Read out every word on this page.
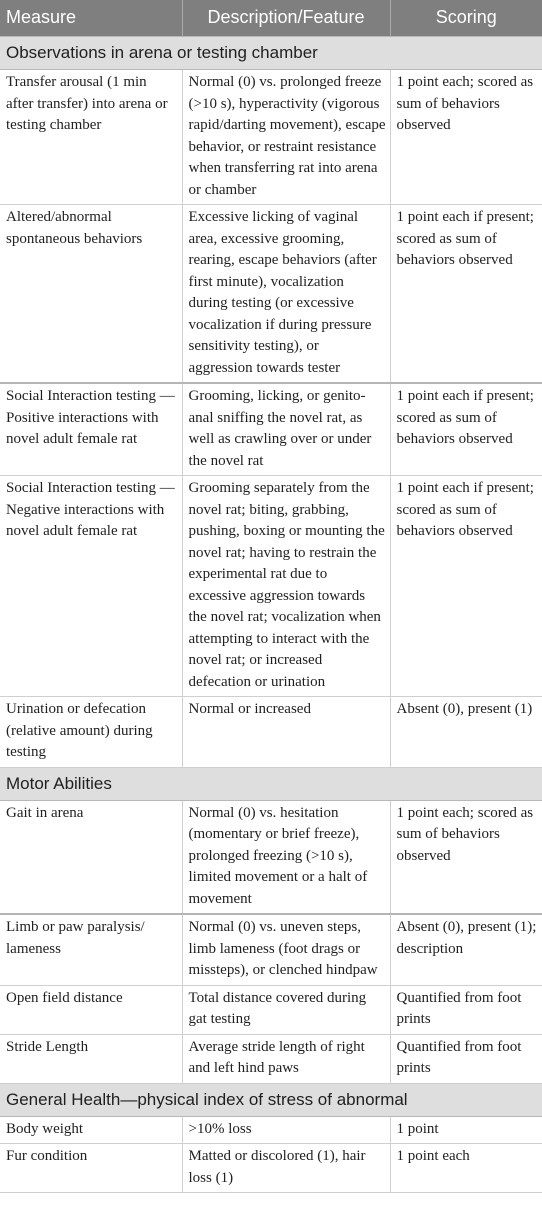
Measure	Description/Feature	Scoring
Observations in arena or testing chamber		
Transfer arousal (1 min after transfer) into arena or testing chamber	Normal (0) vs. prolonged freeze (>10 s), hyperactivity (vigorous rapid/darting movement), escape behavior, or restraint resistance when transferring rat into arena or chamber	1 point each; scored as sum of behaviors observed
Altered/abnormal spontaneous behaviors	Excessive licking of vaginal area, excessive grooming, rearing, escape behaviors (after first minute), vocalization during testing (or excessive vocalization if during pressure sensitivity testing), or aggression towards tester	1 point each if present; scored as sum of behaviors observed
Social Interaction testing —Positive interactions with novel adult female rat	Grooming, licking, or genito-anal sniffing the novel rat, as well as crawling over or under the novel rat	1 point each if present; scored as sum of behaviors observed
Social Interaction testing —Negative interactions with novel adult female rat	Grooming separately from the novel rat; biting, grabbing, pushing, boxing or mounting the novel rat; having to restrain the experimental rat due to excessive aggression towards the novel rat; vocalization when attempting to interact with the novel rat; or increased defecation or urination	1 point each if present; scored as sum of behaviors observed
Urination or defecation (relative amount) during testing	Normal or increased	Absent (0), present (1)
Motor Abilities		
Gait in arena	Normal (0) vs. hesitation (momentary or brief freeze), prolonged freezing (>10 s), limited movement or a halt of movement	1 point each; scored as sum of behaviors observed
Limb or paw paralysis/ lameness	Normal (0) vs. uneven steps, limb lameness (foot drags or missteps), or clenched hindpaw	Absent (0), present (1); description
Open field distance	Total distance covered during gat testing	Quantified from foot prints
Stride Length	Average stride length of right and left hind paws	Quantified from foot prints
General Health—physical index of stress of abnormal		
Body weight	>10% loss	1 point
Fur condition	Matted or discolored (1), hair loss (1)	1 point each
